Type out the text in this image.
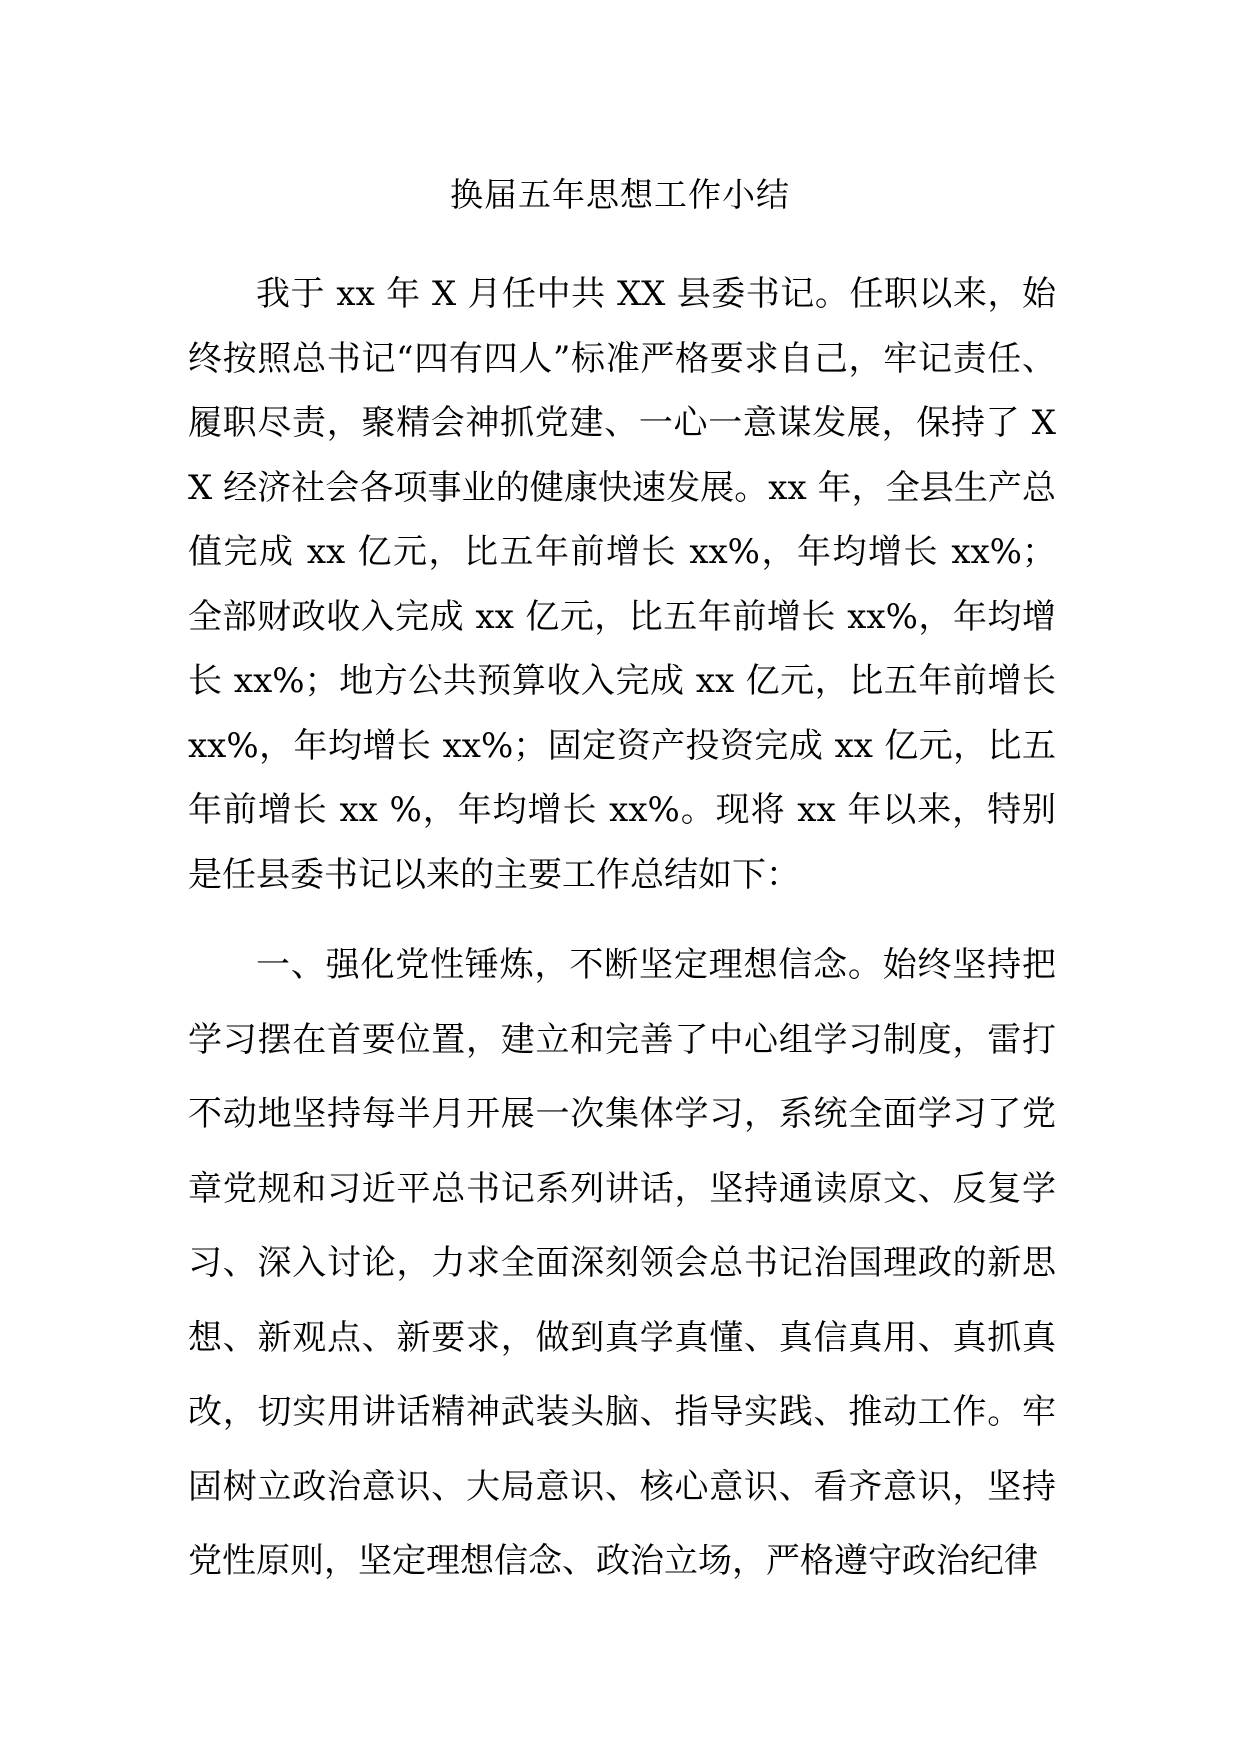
换届五年思想工作小结

我于 xx 年 X 月任中共 XX 县委书记。任职以来，始终按照总书记“四有四人”标准严格要求自己，牢记责任、履职尽责，聚精会神抓党建、一心一意谋发展，保持了 XX 经济社会各项事业的健康快速发展。xx 年，全县生产总值完成 xx 亿元，比五年前增长 xx%，年均增长 xx%；全部财政收入完成 xx 亿元，比五年前增长 xx%，年均增长 xx%；地方公共预算收入完成 xx 亿元，比五年前增长 xx%，年均增长 xx%；固定资产投资完成 xx 亿元，比五年前增长 xx %，年均增长 xx%。现将 xx 年以来，特别是任县委书记以来的主要工作总结如下：

一、强化党性锤炼，不断坚定理想信念。始终坚持把学习摆在首要位置，建立和完善了中心组学习制度，雷打不动地坚持每半月开展一次集体学习，系统全面学习了党章党规和习近平总书记系列讲话，坚持通读原文、反复学习、深入讨论，力求全面深刻领会总书记治国理政的新思想、新观点、新要求，做到真学真懂、真信真用、真抓真改，切实用讲话精神武装头脑、指导实践、推动工作。牢固树立政治意识、大局意识、核心意识、看齐意识，坚持党性原则，坚定理想信念、政治立场，严格遵守政治纪律
